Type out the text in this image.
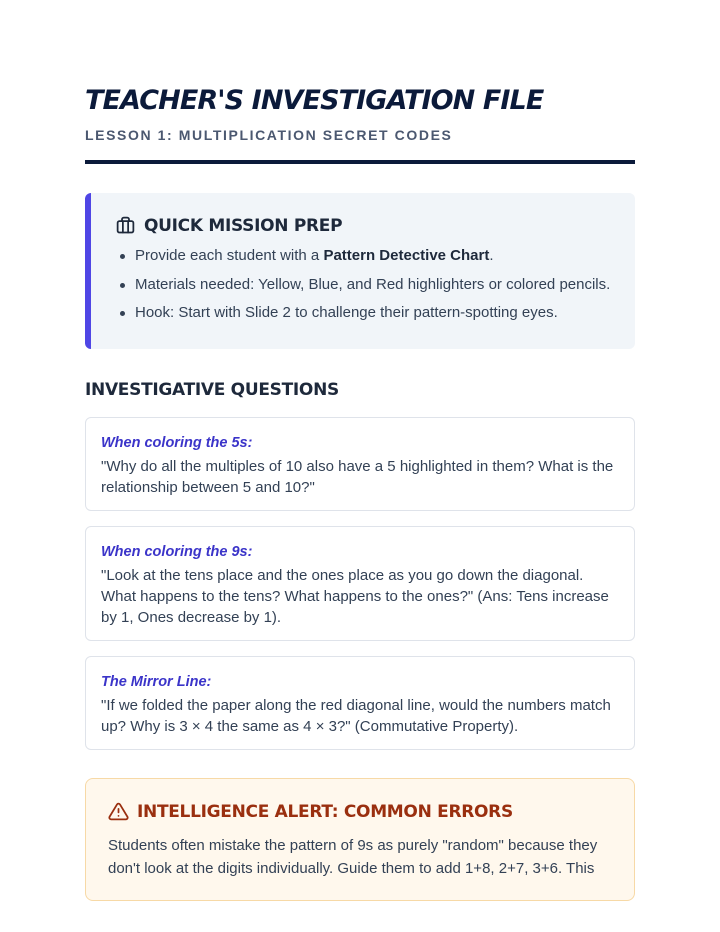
TEACHER'S INVESTIGATION FILE
LESSON 1: MULTIPLICATION SECRET CODES
QUICK MISSION PREP
Provide each student with a Pattern Detective Chart.
Materials needed: Yellow, Blue, and Red highlighters or colored pencils.
Hook: Start with Slide 2 to challenge their pattern-spotting eyes.
INVESTIGATIVE QUESTIONS
When coloring the 5s:
"Why do all the multiples of 10 also have a 5 highlighted in them? What is the relationship between 5 and 10?"
When coloring the 9s:
"Look at the tens place and the ones place as you go down the diagonal. What happens to the tens? What happens to the ones?" (Ans: Tens increase by 1, Ones decrease by 1).
The Mirror Line:
"If we folded the paper along the red diagonal line, would the numbers match up? Why is 3 × 4 the same as 4 × 3?" (Commutative Property).
INTELLIGENCE ALERT: COMMON ERRORS
Students often mistake the pattern of 9s as purely "random" because they don't look at the digits individually. Guide them to add 1+8, 2+7, 3+6. This
